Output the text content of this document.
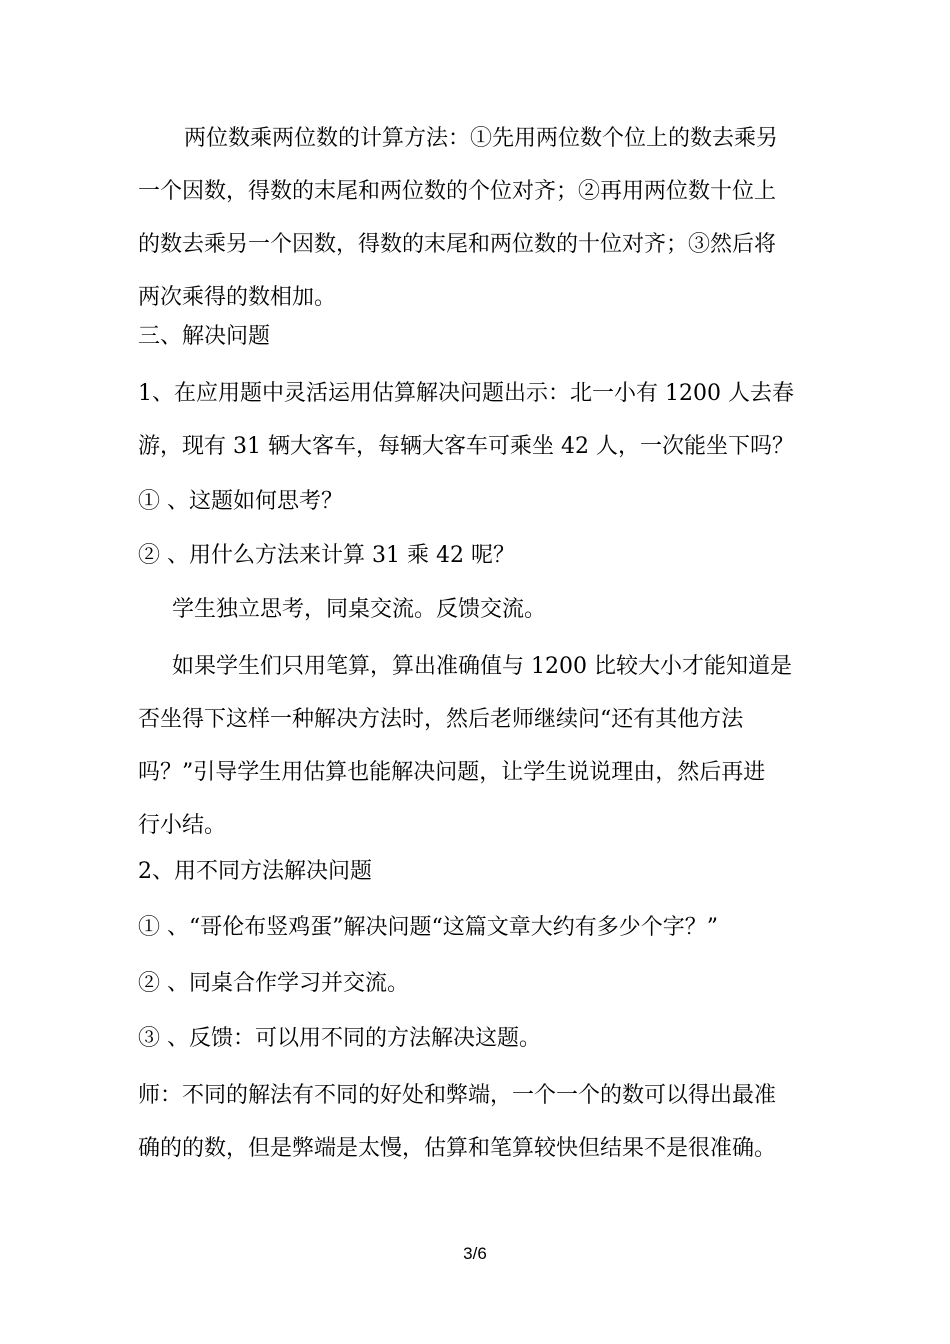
两位数乘两位数的计算方法：①先用两位数个位上的数去乘另
一个因数，得数的末尾和两位数的个位对齐；②再用两位数十位上
的数去乘另一个因数，得数的末尾和两位数的十位对齐；③然后将
两次乘得的数相加。
三、解决问题
1、在应用题中灵活运用估算解决问题出示：北一小有 1200 人去春
游，现有 31 辆大客车，每辆大客车可乘坐 42 人，一次能坐下吗？
① 、这题如何思考？
② 、用什么方法来计算 31 乘 42 呢？
学生独立思考，同桌交流。反馈交流。
如果学生们只用笔算，算出准确值与 1200 比较大小才能知道是
否坐得下这样一种解决方法时，然后老师继续问“还有其他方法
吗？”引导学生用估算也能解决问题，让学生说说理由，然后再进
行小结。
2、用不同方法解决问题
① 、“哥伦布竖鸡蛋”解决问题“这篇文章大约有多少个字？”
② 、同桌合作学习并交流。
③ 、反馈：可以用不同的方法解决这题。
师：不同的解法有不同的好处和弊端，一个一个的数可以得出最准
确的的数，但是弊端是太慢，估算和笔算较快但结果不是很准确。
3/6
